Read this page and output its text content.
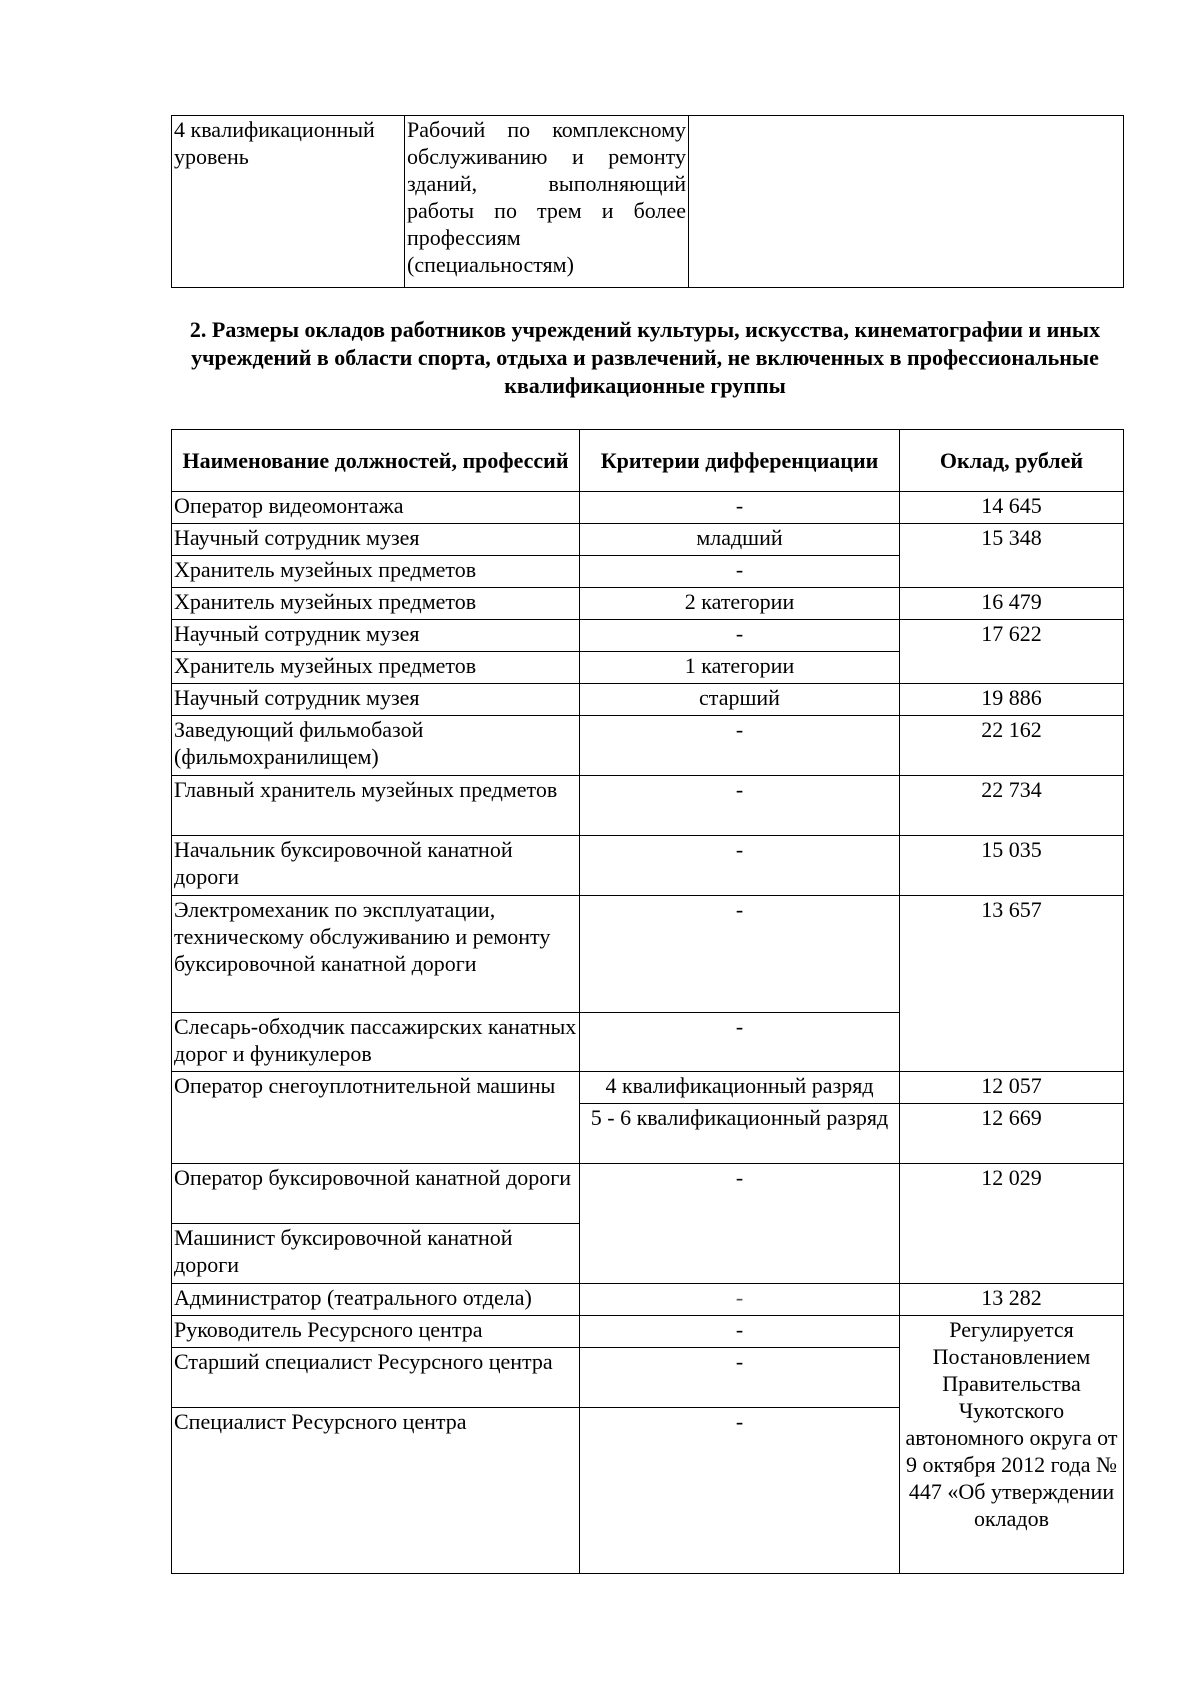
4 квалификационный уровень	Рабочий по комплексному обслуживанию и ремонту зданий, выполняющий работы по трем и более профессиям (специальностям)	
2. Размеры окладов работников учреждений культуры, искусства, кинематографии и иных учреждений в области спорта, отдыха и развлечений, не включенных в профессиональные квалификационные группы
Наименование должностей, профессий	Критерии дифференциации	Оклад, рублей
Оператор видеомонтажа	-	14 645
Научный сотрудник музея	младший	15 348
Хранитель музейных предметов	-	
Хранитель музейных предметов	2 категории	16 479
Научный сотрудник музея	-	17 622
Хранитель музейных предметов	1 категории	
Научный сотрудник музея	старший	19 886
Заведующий фильмобазой (фильмохранилищем)	-	22 162
Главный хранитель музейных предметов	-	22 734
Начальник буксировочной канатной дороги	-	15 035
Электромеханик по эксплуатации, техническому обслуживанию и ремонту буксировочной канатной дороги	-	13 657
Слесарь-обходчик пассажирских канатных дорог и фуникулеров	-	
Оператор снегоуплотнительной машины	4 квалификационный разряд	12 057
	5 - 6 квалификационный разряд	12 669
Оператор буксировочной канатной дороги	-	12 029
Машинист буксировочной канатной дороги		
Администратор (театрального отдела)	-	13 282
Руководитель Ресурсного центра	-	Регулируется Постановлением Правительства Чукотского автономного округа от 9 октября 2012 года № 447 «Об утверждении окладов
Старший специалист Ресурсного центра	-	
Специалист Ресурсного центра	-	
